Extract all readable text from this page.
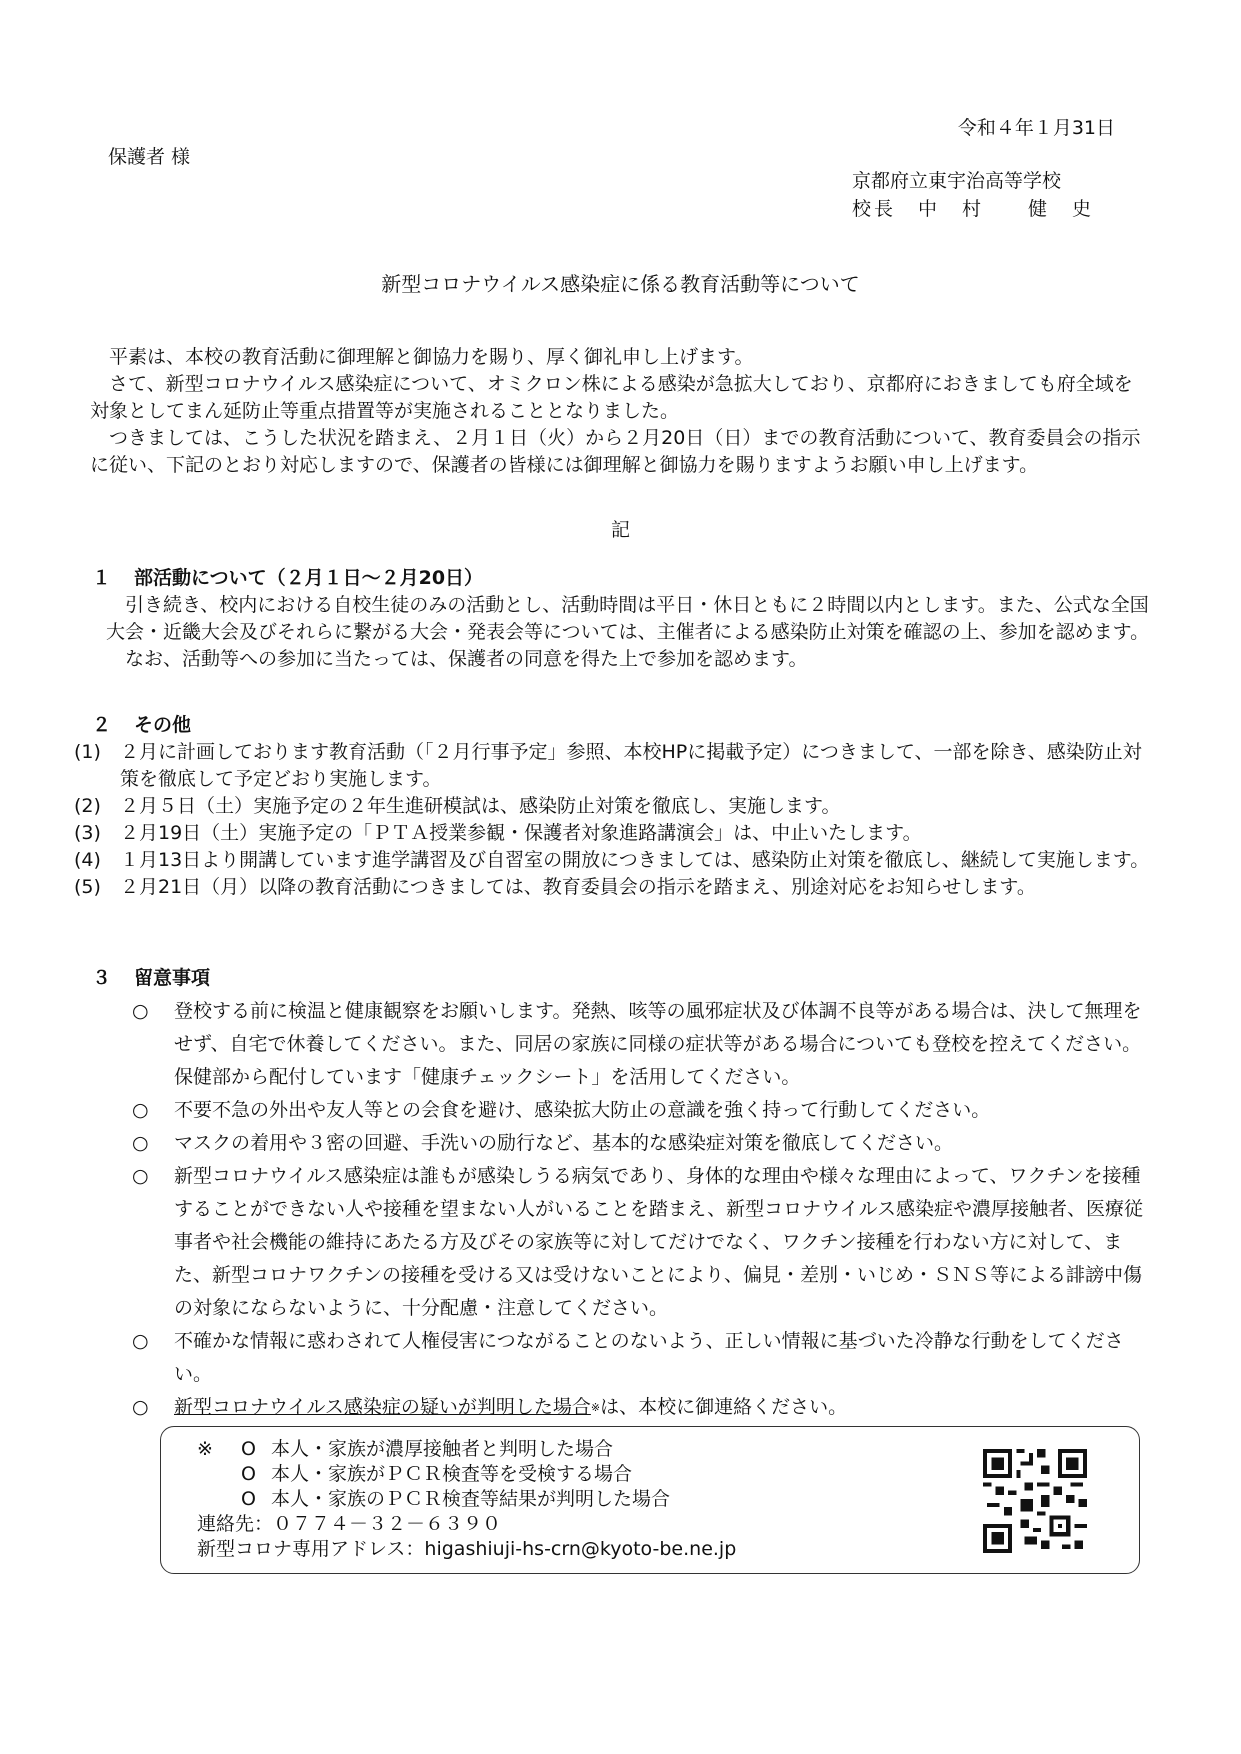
令和４年１月31日
保護者 様
京都府立東宇治高等学校
校長　中　村　　健　史
新型コロナウイルス感染症に係る教育活動等について

平素は、本校の教育活動に御理解と御協力を賜り、厚く御礼申し上げます。

さて、新型コロナウイルス感染症について、オミクロン株による感染が急拡大しており、京都府におきましても府全域を対象としてまん延防止等重点措置等が実施されることとなりました。

つきましては、こうした状況を踏まえ、２月１日（火）から２月20日（日）までの教育活動について、教育委員会の指示に従い、下記のとおり対応しますので、保護者の皆様には御理解と御協力を賜りますようお願い申し上げます。

記
１ 部活動について（２月１日～２月20日）

引き続き、校内における自校生徒のみの活動とし、活動時間は平日・休日ともに２時間以内とします。また、公式な全国大会・近畿大会及びそれらに繋がる大会・発表会等については、主催者による感染防止対策を確認の上、参加を認めます。

なお、活動等への参加に当たっては、保護者の同意を得た上で参加を認めます。

２ その他
(1)	２月に計画しております教育活動（「２月行事予定」参照、本校HPに掲載予定）につきまして、一部を除き、感染防止対策を徹底して予定どおり実施します。
(2)	２月５日（土）実施予定の２年生進研模試は、感染防止対策を徹底し、実施します。
(3)	２月19日（土）実施予定の「ＰＴＡ授業参観・保護者対象進路講演会」は、中止いたします。
(4)	１月13日より開講しています進学講習及び自習室の開放につきましては、感染防止対策を徹底し、継続して実施します。
(5)	２月21日（月）以降の教育活動につきましては、教育委員会の指示を踏まえ、別途対応をお知らせします。
３ 留意事項
○	登校する前に検温と健康観察をお願いします。発熱、咳等の風邪症状及び体調不良等がある場合は、決して無理をせず、自宅で休養してください。また、同居の家族に同様の症状等がある場合についても登校を控えてください。保健部から配付しています「健康チェックシート」を活用してください。
○	不要不急の外出や友人等との会食を避け、感染拡大防止の意識を強く持って行動してください。
○	マスクの着用や３密の回避、手洗いの励行など、基本的な感染症対策を徹底してください。
○	新型コロナウイルス感染症は誰もが感染しうる病気であり、身体的な理由や様々な理由によって、ワクチンを接種することができない人や接種を望まない人がいることを踏まえ、新型コロナウイルス感染症や濃厚接触者、医療従事者や社会機能の維持にあたる方及びその家族等に対してだけでなく、ワクチン接種を行わない方に対して、また、新型コロナワクチンの接種を受ける又は受けないことにより、偏見・差別・いじめ・ＳＮＳ等による誹謗中傷の対象にならないように、十分配慮・注意してください。
○	不確かな情報に惑わされて人権侵害につながることのないよう、正しい情報に基づいた冷静な行動をしてください。
○	新型コロナウイルス感染症の疑いが判明した場合※は、本校に御連絡ください。
※ O 本人・家族が濃厚接触者と判明した場合
O 本人・家族がＰＣＲ検査等を受検する場合
O 本人・家族のＰＣＲ検査等結果が判明した場合
連絡先：０７７４－３２－６３９０
新型コロナ専用アドレス：higashiuji-hs-crn@kyoto-be.ne.jp
